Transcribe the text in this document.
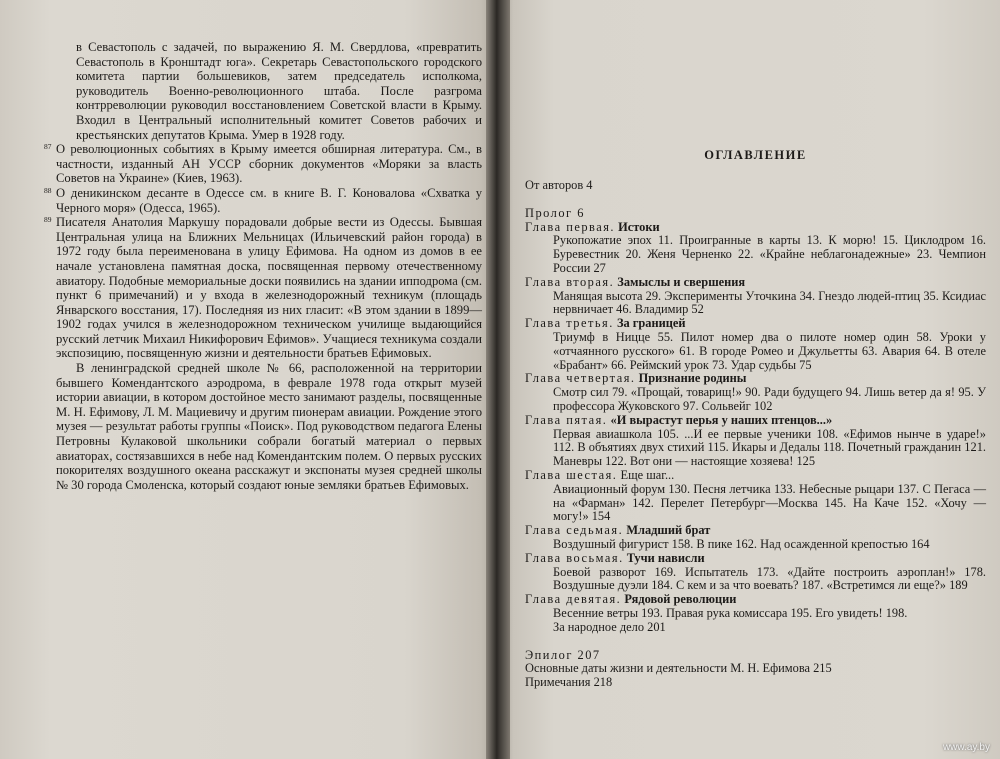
в Севастополь с задачей, по выражению Я. М. Свердлова, «превратить Севастополь в Кронштадт юга». Секретарь Севастопольского городского комитета партии большевиков, затем председатель исполкома, руководитель Военно-революционного штаба. После разгрома контрреволюции руководил восстановлением Советской власти в Крыму. Входил в Центральный исполнительный комитет Советов рабочих и крестьянских депутатов Крыма. Умер в 1928 году.

87 О революционных событиях в Крыму имеется обширная литература. См., в частности, изданный АН УССР сборник документов «Моряки за власть Советов на Украине» (Киев, 1963).

88 О деникинском десанте в Одессе см. в книге В. Г. Коновалова «Схватка у Черного моря» (Одесса, 1965).

89 Писателя Анатолия Маркушу порадовали добрые вести из Одессы. Бывшая Центральная улица на Ближних Мельницах (Ильичевский район города) в 1972 году была переименована в улицу Ефимова. На одном из домов в ее начале установлена памятная доска, посвященная первому отечественному авиатору. Подобные мемориальные доски появились на здании ипподрома (см. пункт 6 примечаний) и у входа в железнодорожный техникум (площадь Январского восстания, 17). Последняя из них гласит: «В этом здании в 1899—1902 годах учился в железнодорожном техническом училище выдающийся русский летчик Михаил Никифорович Ефимов». Учащиеся техникума создали экспозицию, посвященную жизни и деятельности братьев Ефимовых.

В ленинградской средней школе № 66, расположенной на территории бывшего Комендантского аэродрома, в феврале 1978 года открыт музей истории авиации, в котором достойное место занимают разделы, посвященные М. Н. Ефимову, Л. М. Мациевичу и другим пионерам авиации. Рождение этого музея — результат работы группы «Поиск». Под руководством педагога Елены Петровны Кулаковой школьники собрали богатый материал о первых авиаторах, состязавшихся в небе над Комендантским полем. О первых русских покорителях воздушного океана расскажут и экспонаты музея средней школы № 30 города Смоленска, который создают юные земляки братьев Ефимовых.

ОГЛАВЛЕНИЕ
От авторов 4
Пролог 6
Глава первая. Истоки
Рукопожатие эпох 11. Проигранные в карты 13. К морю! 15. Циклодром 16. Буревестник 20. Женя Черненко 22. «Крайне неблагонадежные» 23. Чемпион России 27
Глава вторая. Замыслы и свершения
Манящая высота 29. Эксперименты Уточкина 34. Гнездо людей-птиц 35. Ксидиас нервничает 46. Владимир 52
Глава третья. За границей
Триумф в Ницце 55. Пилот номер два о пилоте номер один 58. Уроки у «отчаянного русского» 61. В городе Ромео и Джульетты 63. Авария 64. В отеле «Брабант» 66. Реймский урок 73. Удар судьбы 75
Глава четвертая. Признание родины
Смотр сил 79. «Прощай, товарищ!» 90. Ради будущего 94. Лишь ветер да я! 95. У профессора Жуковского 97. Сольвейг 102
Глава пятая. «И вырастут перья у наших птенцов...»
Первая авиашкола 105. ...И ее первые ученики 108. «Ефимов нынче в ударе!» 112. В объятиях двух стихий 115. Икары и Дедалы 118. Почетный гражданин 121. Маневры 122. Вот они — настоящие хозяева! 125
Глава шестая. Еще шаг...
Авиационный форум 130. Песня летчика 133. Небесные рыцари 137. С Пегаса — на «Фарман» 142. Перелет Петербург—Москва 145. На Каче 152. «Хочу — могу!» 154
Глава седьмая. Младший брат
Воздушный фигурист 158. В пике 162. Над осажденной крепостью 164
Глава восьмая. Тучи нависли
Боевой разворот 169. Испытатель 173. «Дайте построить аэроплан!» 178. Воздушные дуэли 184. С кем и за что воевать? 187. «Встретимся ли еще?» 189
Глава девятая. Рядовой революции
Весенние ветры 193. Правая рука комиссара 195. Его увидеть! 198.
За народное дело 201
Эпилог 207
Основные даты жизни и деятельности М. Н. Ефимова 215
Примечания 218
www.ay.by
